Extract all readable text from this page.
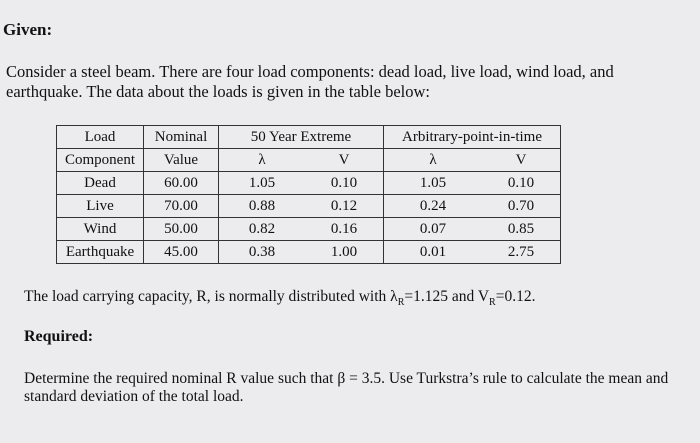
Given:
Consider a steel beam. There are four load components: dead load, live load, wind load, and earthquake. The data about the loads is given in the table below:
Load	Nominal	50 Year Extreme		Arbitrary-point-in-time	
Component	Value	λ	V	λ	V
Dead	60.00	1.05	0.10	1.05	0.10
Live	70.00	0.88	0.12	0.24	0.70
Wind	50.00	0.82	0.16	0.07	0.85
Earthquake	45.00	0.38	1.00	0.01	2.75
The load carrying capacity, R, is normally distributed with $\lambda_R=1.125$ and $V_R=0.12$.
Required:
Determine the required nominal R value such that β = 3.5. Use Turkstra’s rule to calculate the mean and standard deviation of the total load.
